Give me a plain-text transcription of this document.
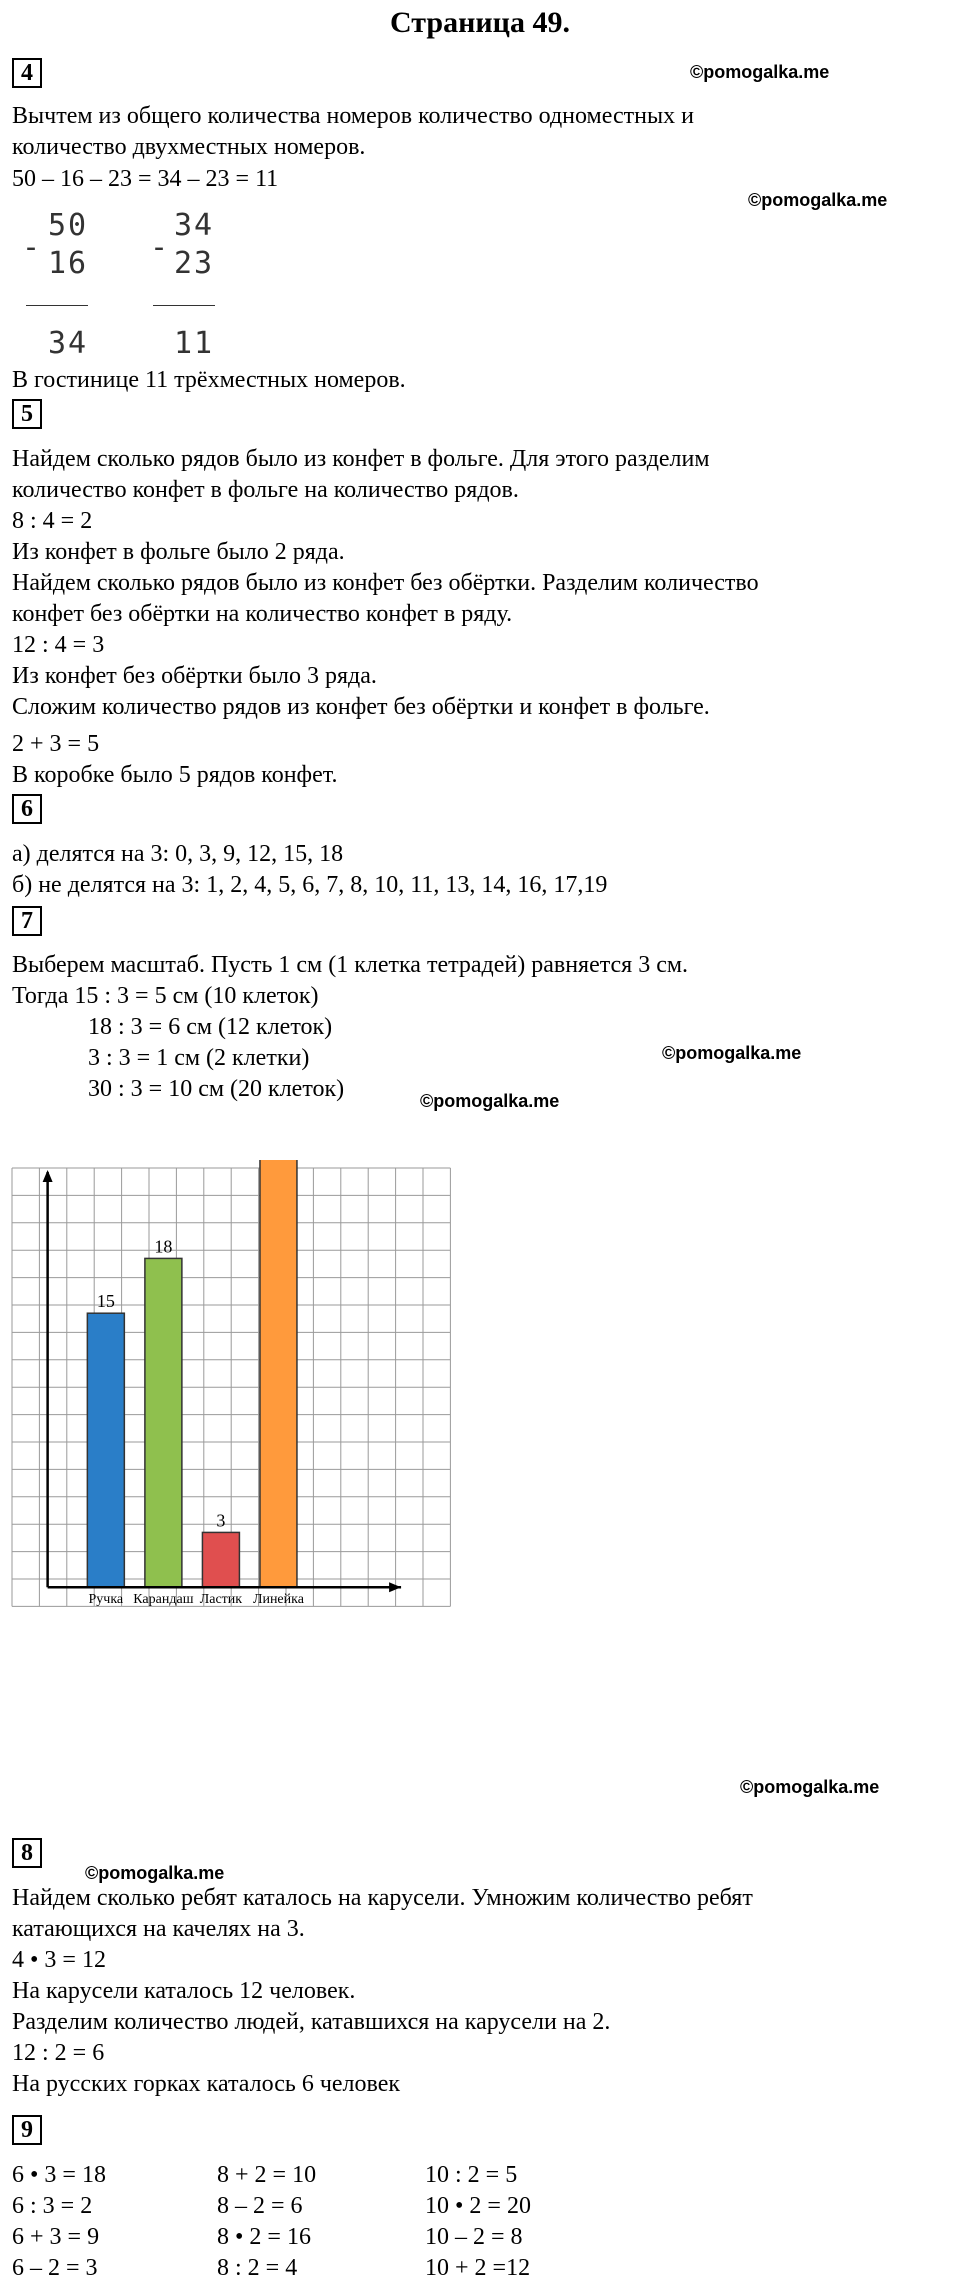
Страница 49.
©pomogalka.me
©pomogalka.me
©pomogalka.me
©pomogalka.me
©pomogalka.me
©pomogalka.me
4
Вычтем из общего количества номеров количество одноместных и
количество двухместных номеров.
50 – 16 – 23 = 34 – 23 = 11
-
50
16
34
-
34
23
11
В гостинице 11 трёхместных номеров.
5
Найдем сколько рядов было из конфет в фольге. Для этого разделим
количество конфет в фольге на количество рядов.
8 : 4 = 2
Из конфет в фольге было 2 ряда.
Найдем сколько рядов было из конфет без обёртки. Разделим количество
конфет без обёртки на количество конфет в ряду.
12 : 4 = 3
Из конфет без обёртки было 3 ряда.
Сложим количество рядов из конфет без обёртки и конфет в фольге.
2 + 3 = 5
В коробке было 5 рядов конфет.
6
а) делятся на 3: 0, 3, 9, 12, 15, 18
б) не делятся на 3: 1, 2, 4, 5, 6, 7, 8, 10, 11, 13, 14, 16, 17,19
7
Выберем масштаб. Пусть 1 см (1 клетка тетрадей) равняется 3 см.
Тогда 15 : 3 = 5 см (10 клеток)
18 : 3 = 6 см (12 клеток)
3 : 3 = 1 см (2 клетки)
30 : 3 = 10 см (20 клеток)
15
Ручка
18
Карандаш
3
Ластик Линейка
8
Найдем сколько ребят каталось на карусели. Умножим количество ребят
катающихся на качелях на 3.
4 • 3 = 12
На карусели каталось 12 человек.
Разделим количество людей, катавшихся на карусели на 2.
12 : 2 = 6
На русских горках каталось 6 человек
9
6 • 3 = 18
6 : 3 = 2
6 + 3 = 9
6 – 2 = 3
8 + 2 = 10
8 – 2 = 6
8 • 2 = 16
8 : 2 = 4
10 : 2 = 5
10 • 2 = 20
10 – 2 = 8
10 + 2 =12
